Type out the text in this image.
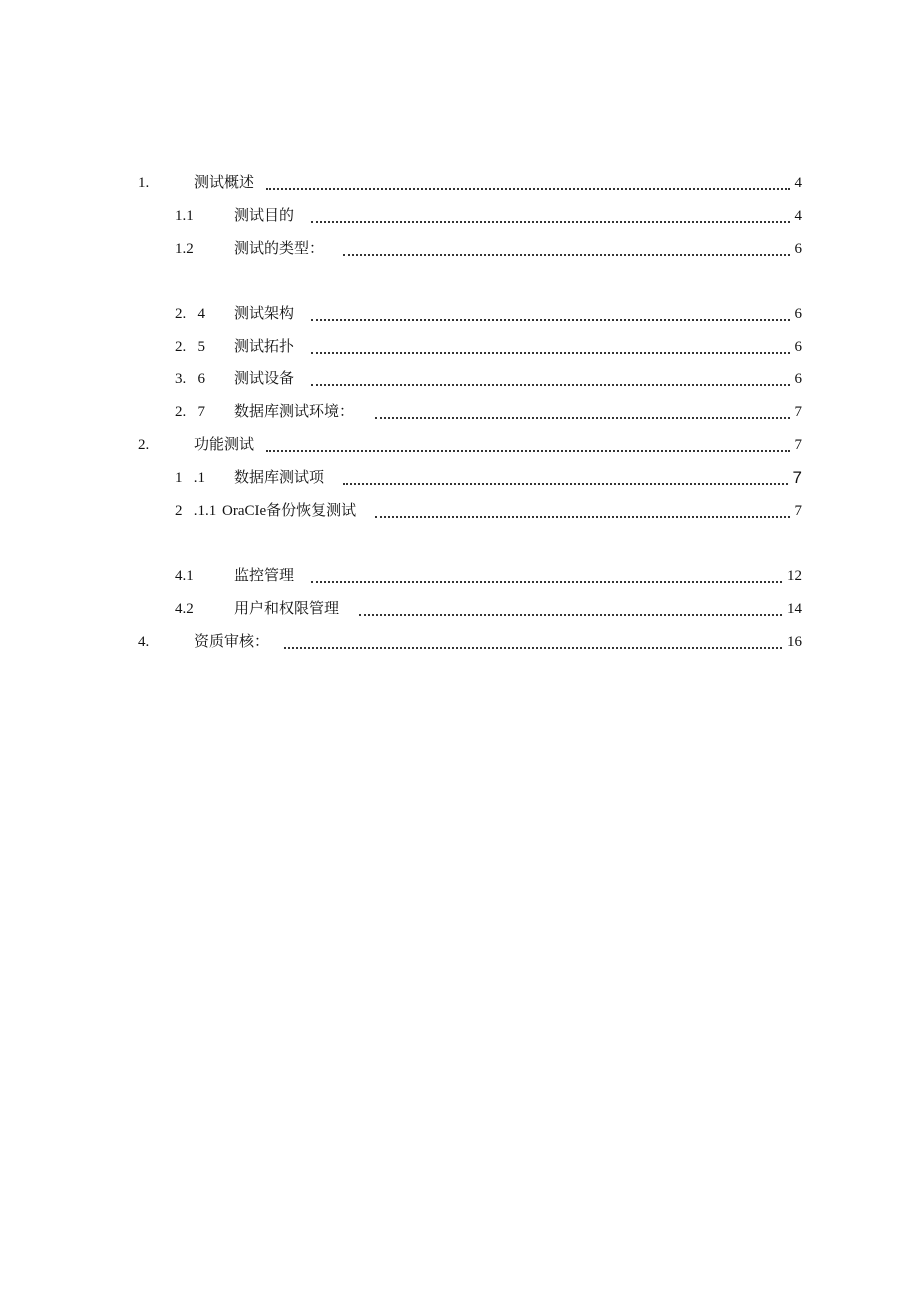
1.	测试概述	4
1.1	测试目的	4
1.2	测试的类型：	6
2.   4 测试架构	6
2.   5 测试拓扑	6
3.   6 测试设备	6
2.   7 数据库测试环境：	7
2.	功能测试	7
1   .1 数据库测试项	7
2   .1.1 OraCIe备份恢复测试	7
4.1	监控管理	12
4.2	用户和权限管理	14
4.	资质审核：	16
